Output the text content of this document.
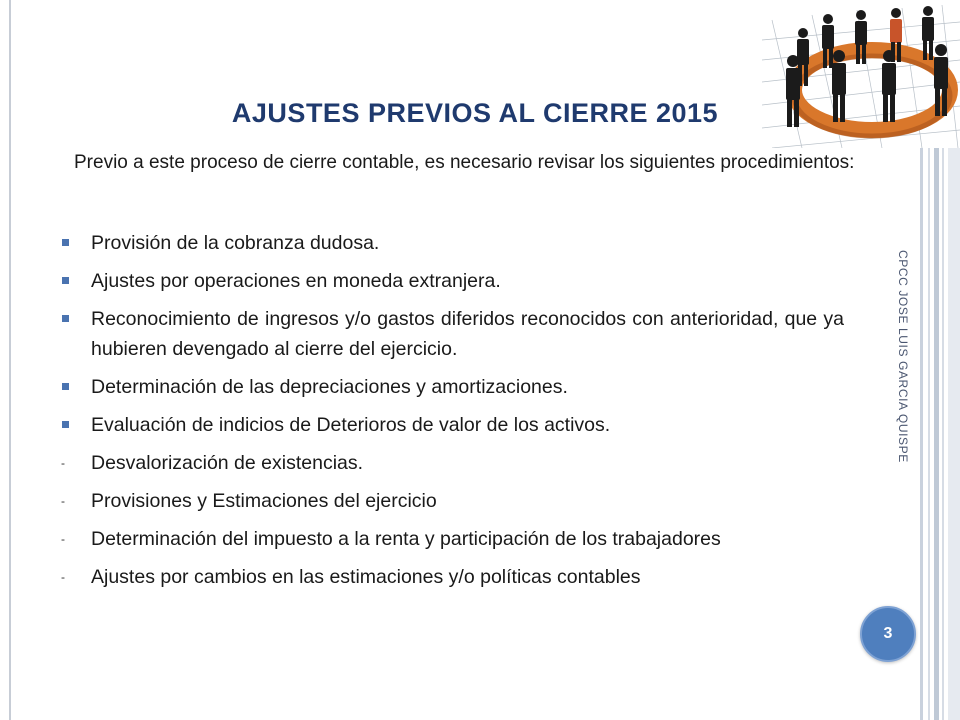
AJUSTES PREVIOS AL CIERRE 2015
Previo a este proceso de cierre contable, es necesario revisar los siguientes procedimientos:
Provisión de la cobranza dudosa.
Ajustes por operaciones en moneda extranjera.
Reconocimiento de ingresos y/o gastos diferidos reconocidos con anterioridad, que ya hubieren devengado al cierre del ejercicio.
Determinación de las depreciaciones y amortizaciones.
Evaluación de indicios de Deterioros de valor de los activos.
- Desvalorización de existencias.
- Provisiones y Estimaciones del ejercicio
- Determinación del impuesto a la renta y participación de los trabajadores
- Ajustes por cambios en las estimaciones y/o políticas contables
CPCC JOSE LUIS GARCIA QUISPE
3
